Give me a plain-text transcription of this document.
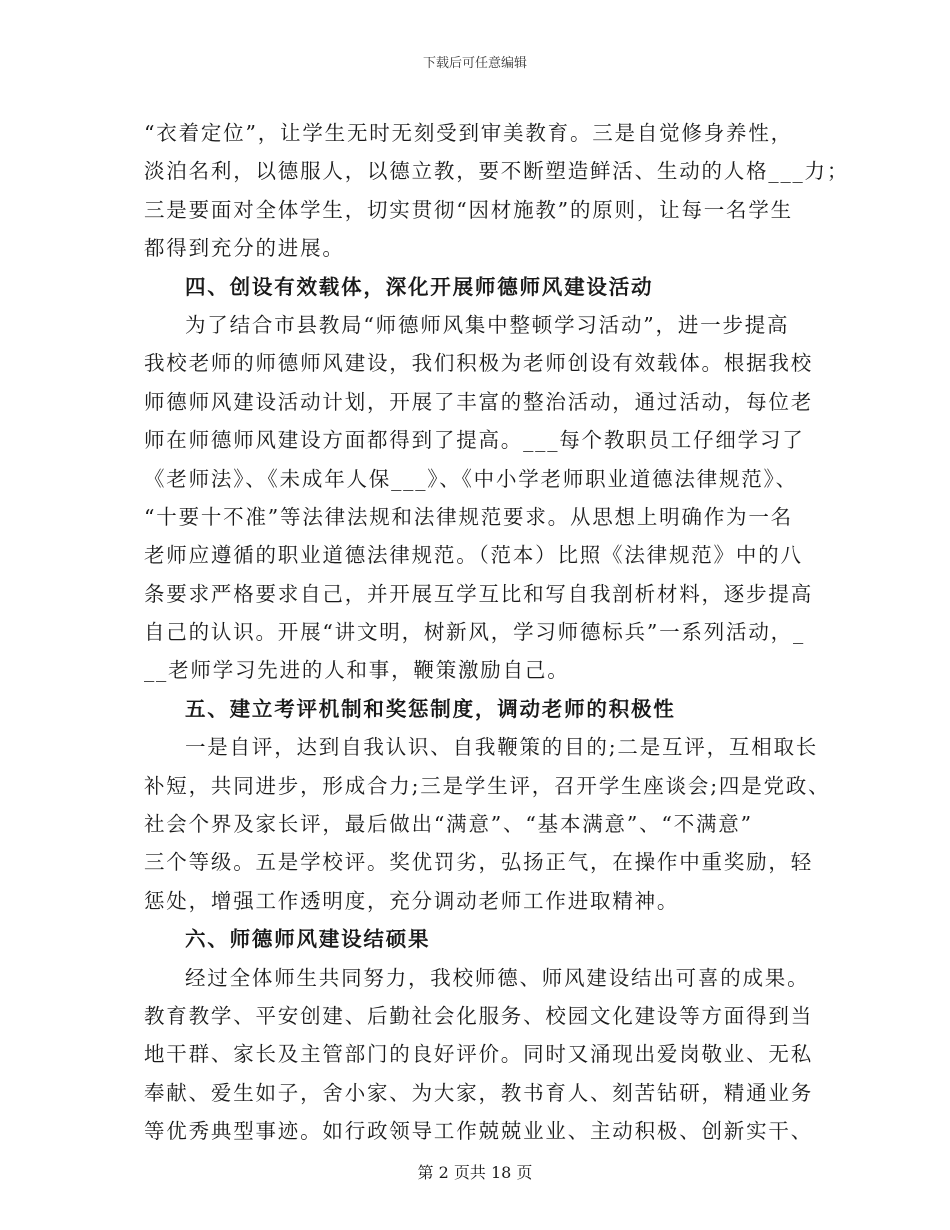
下载后可任意编辑
“衣着定位”，让学生无时无刻受到审美教育。三是自觉修身养性，
淡泊名利，以德服人，以德立教，要不断塑造鲜活、生动的人格___力；
三是要面对全体学生，切实贯彻“因材施教”的原则，让每一名学生
都得到充分的进展。
四、创设有效载体，深化开展师德师风建设活动
为了结合市县教局“师德师风集中整顿学习活动”，进一步提高
我校老师的师德师风建设，我们积极为老师创设有效载体。根据我校
师德师风建设活动计划，开展了丰富的整治活动，通过活动，每位老
师在师德师风建设方面都得到了提高。___每个教职员工仔细学习了
《老师法》、《未成年人保___》、《中小学老师职业道德法律规范》、
“十要十不准”等法律法规和法律规范要求。从思想上明确作为一名
老师应遵循的职业道德法律规范。（范本）比照《法律规范》中的八
条要求严格要求自己，并开展互学互比和写自我剖析材料，逐步提高
自己的认识。开展“讲文明，树新风，学习师德标兵”一系列活动，_
__老师学习先进的人和事，鞭策激励自己。
五、建立考评机制和奖惩制度，调动老师的积极性
一是自评，达到自我认识、自我鞭策的目的;二是互评，互相取长
补短，共同进步，形成合力;三是学生评，召开学生座谈会;四是党政、
社会个界及家长评，最后做出“满意”、“基本满意”、“不满意”
三个等级。五是学校评。奖优罚劣，弘扬正气，在操作中重奖励，轻
惩处，增强工作透明度，充分调动老师工作进取精神。
六、师德师风建设结硕果
经过全体师生共同努力，我校师德、师风建设结出可喜的成果。
教育教学、平安创建、后勤社会化服务、校园文化建设等方面得到当
地干群、家长及主管部门的良好评价。同时又涌现出爱岗敬业、无私
奉献、爱生如子，舍小家、为大家，教书育人、刻苦钻研，精通业务
等优秀典型事迹。如行政领导工作兢兢业业、主动积极、创新实干、
第 2 页共 18 页
